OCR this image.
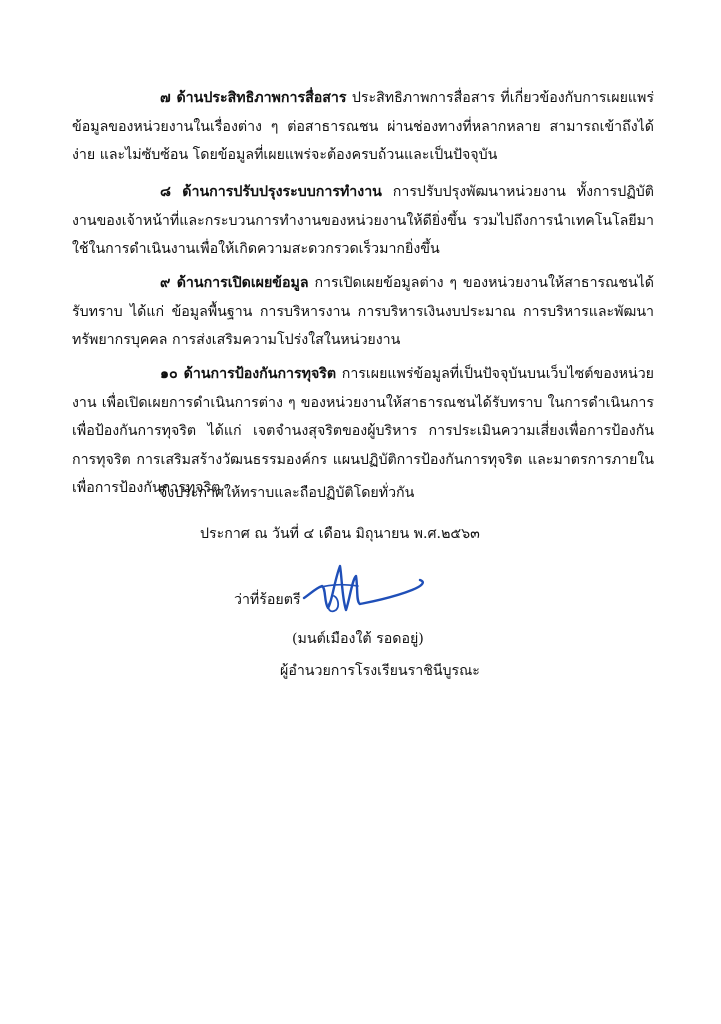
๗ ด้านประสิทธิภาพการสื่อสาร ประสิทธิภาพการสื่อสาร ที่เกี่ยวข้องกับการเผยแพร่ข้อมูลของหน่วยงานในเรื่องต่าง ๆ ต่อสาธารณชน ผ่านช่องทางที่หลากหลาย สามารถเข้าถึงได้ง่าย และไม่ซับซ้อน โดยข้อมูลที่เผยแพร่จะต้องครบถ้วนและเป็นปัจจุบัน

๘ ด้านการปรับปรุงระบบการทำงาน การปรับปรุงพัฒนาหน่วยงาน ทั้งการปฏิบัติงานของเจ้าหน้าที่และกระบวนการทำงานของหน่วยงานให้ดียิ่งขึ้น รวมไปถึงการนำเทคโนโลยีมาใช้ในการดำเนินงานเพื่อให้เกิดความสะดวกรวดเร็วมากยิ่งขึ้น

๙ ด้านการเปิดเผยข้อมูล การเปิดเผยข้อมูลต่าง ๆ ของหน่วยงานให้สาธารณชนได้รับทราบ ได้แก่ ข้อมูลพื้นฐาน การบริหารงาน การบริหารเงินงบประมาณ การบริหารและพัฒนาทรัพยากรบุคคล การส่งเสริมความโปร่งใสในหน่วยงาน

๑๐ ด้านการป้องกันการทุจริต การเผยแพร่ข้อมูลที่เป็นปัจจุบันบนเว็บไซต์ของหน่วยงาน เพื่อเปิดเผยการดำเนินการต่าง ๆ ของหน่วยงานให้สาธารณชนได้รับทราบ ในการดำเนินการเพื่อป้องกันการทุจริต ได้แก่ เจตจำนงสุจริตของผู้บริหาร การประเมินความเสี่ยงเพื่อการป้องกันการทุจริต การเสริมสร้างวัฒนธรรมองค์กร แผนปฏิบัติการป้องกันการทุจริต และมาตรการภายในเพื่อการป้องกันการทุจริต

จึงประกาศให้ทราบและถือปฏิบัติโดยทั่วกัน
ประกาศ ณ วันที่ ๔ เดือน มิถุนายน พ.ศ.๒๕๖๓
ว่าที่ร้อยตรี
(มนต์เมืองใต้ รอดอยู่)
ผู้อำนวยการโรงเรียนราชินีบูรณะ
